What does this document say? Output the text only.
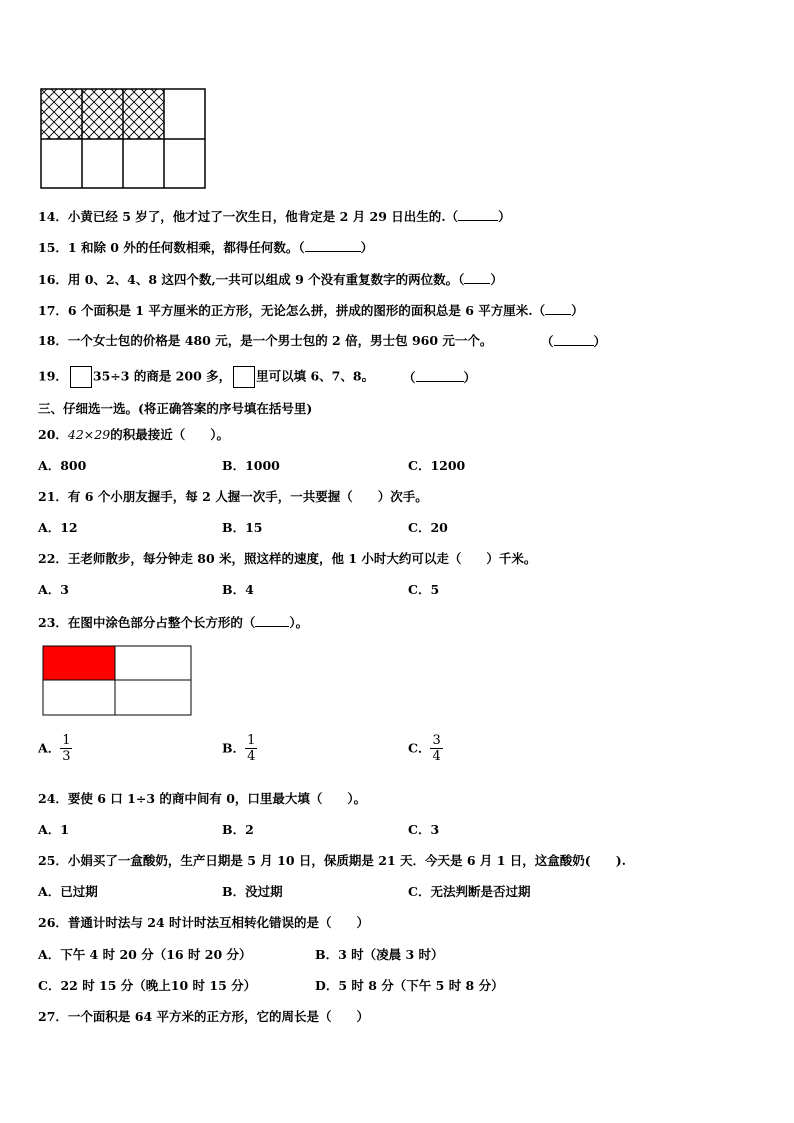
14．小黄已经 5 岁了，他才过了一次生日，他肯定是 2 月 29 日出生的.（	）
15．1 和除 0 外的任何数相乘，都得任何数。（	）
16．用 0、2、4、8 这四个数,一共可以组成 9 个没有重复数字的两位数。（ ）
17．6 个面积是 1 平方厘米的正方形，无论怎么拼，拼成的图形的面积总是 6 平方厘米.（ ）
18．一个女士包的价格是 480 元，是一个男士包的 2 倍，男士包 960 元一个。	（	）
19． 35÷3 的商是 200 多， 里可以填 6、7、8。 （	）
三、仔细选一选。(将正确答案的序号填在括号里)
20．42×29的积最接近（　　）。
A．800	B．1000	C．1200
21．有 6 个小朋友握手，每 2 人握一次手，一共要握（　　）次手。
A．12	B．15	C．20
22．王老师散步，每分钟走 80 米，照这样的速度，他 1 小时大约可以走（　　）千米。
A．3	B．4	C．5
23．在图中涂色部分占整个长方形的（	）。
A． $\frac{1}{3}$	B． $\frac{1}{4}$	C． $\frac{3}{4}$
24．要使 6 口 1÷3 的商中间有 0，口里最大填（　　）。
A．1	B．2	C．3
25．小娟买了一盒酸奶，生产日期是 5 月 10 日，保质期是 21 天．今天是 6 月 1 日，这盒酸奶(　　).
A．已过期	B．没过期	C．无法判断是否过期
26．普通计时法与 24 时计时法互相转化错误的是（　　）
A．下午 4 时 20 分（16 时 20 分）	B．3 时（凌晨 3 时）
C．22 时 15 分（晚上10 时 15 分）	D．5 时 8 分（下午 5 时 8 分）
27．一个面积是 64 平方米的正方形，它的周长是（　　）
